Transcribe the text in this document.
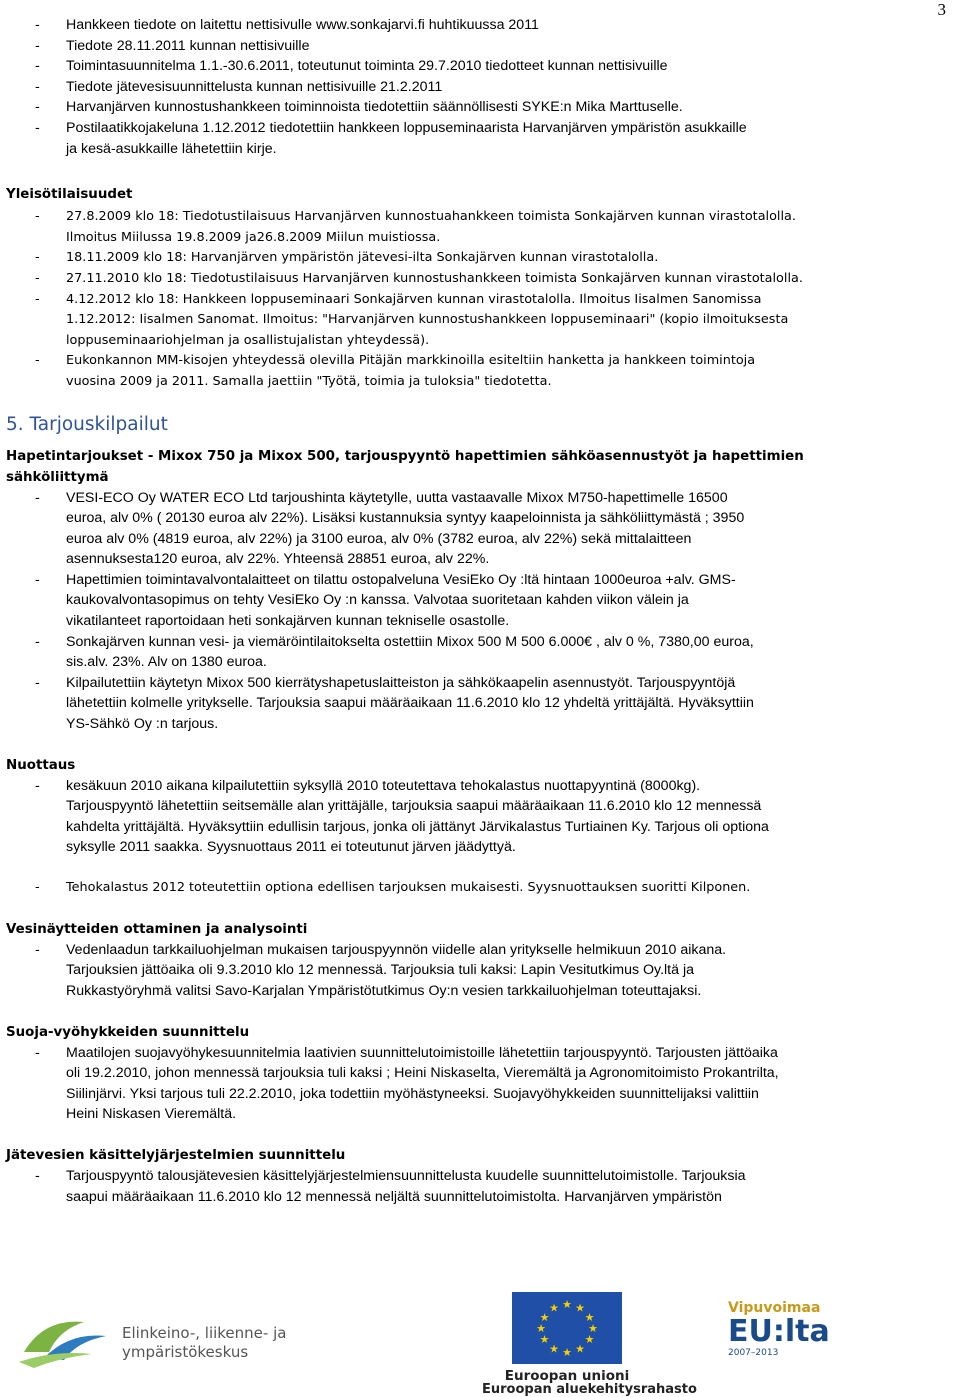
3
- Hankkeen tiedote on laitettu nettisivulle www.sonkajarvi.fi huhtikuussa 2011
- Tiedote 28.11.2011 kunnan nettisivuille
- Toimintasuunnitelma 1.1.-30.6.2011, toteutunut toiminta 29.7.2010 tiedotteet kunnan nettisivuille
- Tiedote jätevesisuunnittelusta kunnan nettisivuille 21.2.2011
- Harvanjärven kunnostushankkeen toiminnoista tiedotettiin säännöllisesti SYKE:n Mika Marttuselle.
- Postilaatikkojakeluna 1.12.2012 tiedotettiin hankkeen loppuseminaarista Harvanjärven ympäristön asukkaille
ja kesä-asukkaille lähetettiin kirje.
Yleisötilaisuudet
- 27.8.2009 klo 18: Tiedotustilaisuus Harvanjärven kunnostuahankkeen toimista Sonkajärven kunnan virastotalolla.
Ilmoitus Miilussa 19.8.2009 ja26.8.2009 Miilun muistiossa.
- 18.11.2009 klo 18: Harvanjärven ympäristön jätevesi-ilta Sonkajärven kunnan virastotalolla.
- 27.11.2010 klo 18: Tiedotustilaisuus Harvanjärven kunnostushankkeen toimista Sonkajärven kunnan virastotalolla.
- 4.12.2012 klo 18: Hankkeen loppuseminaari Sonkajärven kunnan virastotalolla. Ilmoitus Iisalmen Sanomissa
1.12.2012: Iisalmen Sanomat. Ilmoitus: "Harvanjärven kunnostushankkeen loppuseminaari" (kopio ilmoituksesta
loppuseminaariohjelman ja osallistujalistan yhteydessä).
- Eukonkannon MM-kisojen yhteydessä olevilla Pitäjän markkinoilla esiteltiin hanketta ja hankkeen toimintoja
vuosina 2009 ja 2011. Samalla jaettiin "Työtä, toimia ja tuloksia" tiedotetta.
5. Tarjouskilpailut
Hapetintarjoukset - Mixox 750 ja Mixox 500, tarjouspyyntö hapettimien sähköasennustyöt ja hapettimien
sähköliittymä
- VESI-ECO Oy WATER ECO Ltd tarjoushinta käytetylle, uutta vastaavalle Mixox M750-hapettimelle 16500
euroa, alv 0% ( 20130 euroa alv 22%). Lisäksi kustannuksia syntyy kaapeloinnista ja sähköliittymästä ; 3950
euroa alv 0% (4819 euroa, alv 22%) ja 3100 euroa, alv 0% (3782 euroa, alv 22%) sekä mittalaitteen
asennuksesta120 euroa, alv 22%. Yhteensä 28851 euroa, alv 22%.
- Hapettimien toimintavalvontalaitteet on tilattu ostopalveluna VesiEko Oy :ltä hintaan 1000euroa +alv. GMS-
kaukovalvontasopimus on tehty VesiEko Oy :n kanssa. Valvotaa suoritetaan kahden viikon välein ja
vikatilanteet raportoidaan heti sonkajärven kunnan tekniselle osastolle.
- Sonkajärven kunnan vesi- ja viemäröintilaitokselta ostettiin Mixox 500 M 500 6.000€ , alv 0 %, 7380,00 euroa,
sis.alv. 23%. Alv on 1380 euroa.
- Kilpailutettiin käytetyn Mixox 500 kierrätyshapetuslaitteiston ja sähkökaapelin asennustyöt. Tarjouspyyntöjä
lähetettiin kolmelle yritykselle. Tarjouksia saapui määräaikaan 11.6.2010 klo 12 yhdeltä yrittäjältä. Hyväksyttiin
YS-Sähkö Oy :n tarjous.
Nuottaus
- kesäkuun 2010 aikana kilpailutettiin syksyllä 2010 toteutettava tehokalastus nuottapyyntinä (8000kg).
Tarjouspyyntö lähetettiin seitsemälle alan yrittäjälle, tarjouksia saapui määräaikaan 11.6.2010 klo 12 mennessä
kahdelta yrittäjältä. Hyväksyttiin edullisin tarjous, jonka oli jättänyt Järvikalastus Turtiainen Ky. Tarjous oli optiona
syksylle 2011 saakka. Syysnuottaus 2011 ei toteutunut järven jäädyttyä.
- Tehokalastus 2012 toteutettiin optiona edellisen tarjouksen mukaisesti. Syysnuottauksen suoritti Kilponen.
Vesinäytteiden ottaminen ja analysointi
- Vedenlaadun tarkkailuohjelman mukaisen tarjouspyynnön viidelle alan yritykselle helmikuun 2010 aikana.
Tarjouksien jättöaika oli 9.3.2010 klo 12 mennessä. Tarjouksia tuli kaksi: Lapin Vesitutkimus Oy.ltä ja
Rukkastyöryhmä valitsi Savo-Karjalan Ympäristötutkimus Oy:n vesien tarkkailuohjelman toteuttajaksi.
Suoja-vyöhykkeiden suunnittelu
- Maatilojen suojavyöhykesuunnitelmia laativien suunnittelutoimistoille lähetettiin tarjouspyyntö. Tarjousten jättöaika
oli 19.2.2010, johon mennessä tarjouksia tuli kaksi ; Heini Niskaselta, Vieremältä ja Agronomitoimisto Prokantrilta,
Siilinjärvi. Yksi tarjous tuli 22.2.2010, joka todettiin myöhästyneeksi. Suojavyöhykkeiden suunnittelijaksi valittiin
Heini Niskasen Vieremältä.
Jätevesien käsittelyjärjestelmien suunnittelu
- Tarjouspyyntö talousjätevesien käsittelyjärjestelmiensuunnittelusta kuudelle suunnittelutoimistolle. Tarjouksia
saapui määräaikaan 11.6.2010 klo 12 mennessä neljältä suunnittelutoimistolta. Harvanjärven ympäristön
Elinkeino-, liikenne- ja
ympäristökeskus
★ ★
★
★
★
★
★
★
★
★
★
★
Euroopan unioni
Euroopan aluekehitysrahasto
Vipuvoimaa
EU:lta
2007–2013
